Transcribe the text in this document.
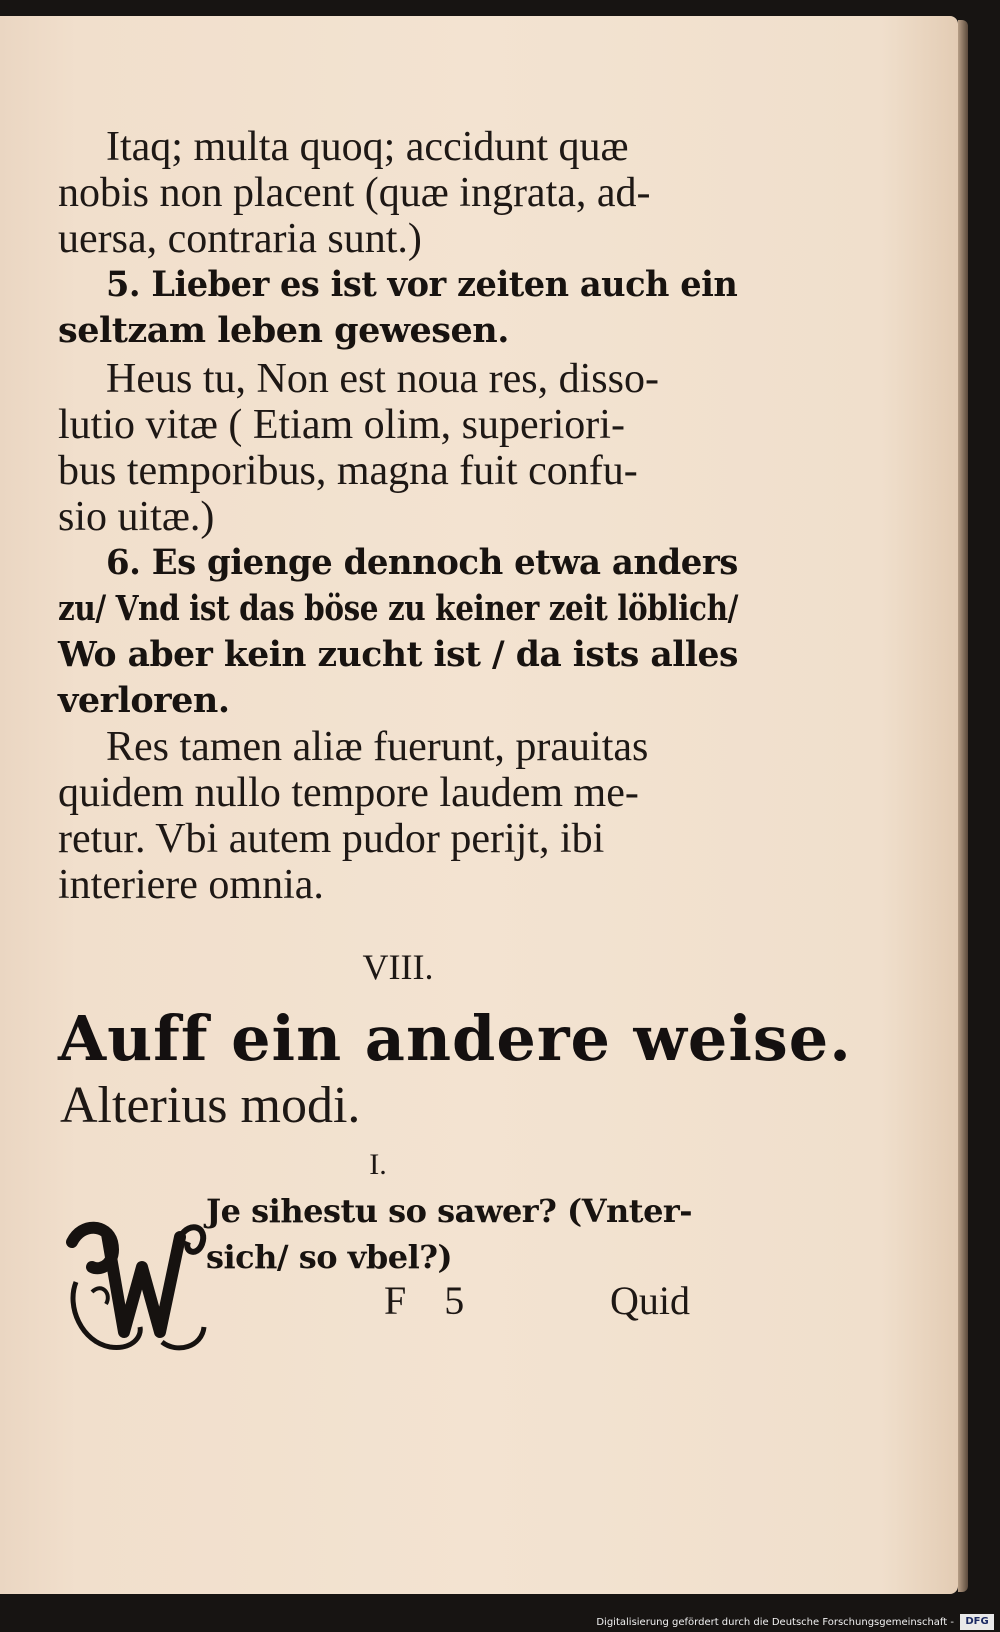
Itaq; multa quoq; accidunt quæ
nobis non placent (quæ ingrata, ad-
uersa, contraria sunt.)
5. Lieber es ist vor zeiten auch ein
seltzam leben gewesen.
Heus tu, Non est noua res, disso-
lutio vitæ ( Etiam olim, superiori-
bus temporibus, magna fuit confu-
sio uitæ.)
6. Es gienge dennoch etwa anders
zu/ Vnd ist das böse zu keiner zeit löblich/
Wo aber kein zucht ist / da ists alles
verloren.
Res tamen aliæ fuerunt, prauitas
quidem nullo tempore laudem me-
retur. Vbi autem pudor perijt, ibi
interiere omnia.
VIII.
Auff ein andere weise.
Alterius modi.
I.
Je sihestu so sawer? (Vnter-
sich/ so vbel?)
F 5	Quid
Digitalisierung gefördert durch die Deutsche Forschungsgemeinschaft -	DFG
